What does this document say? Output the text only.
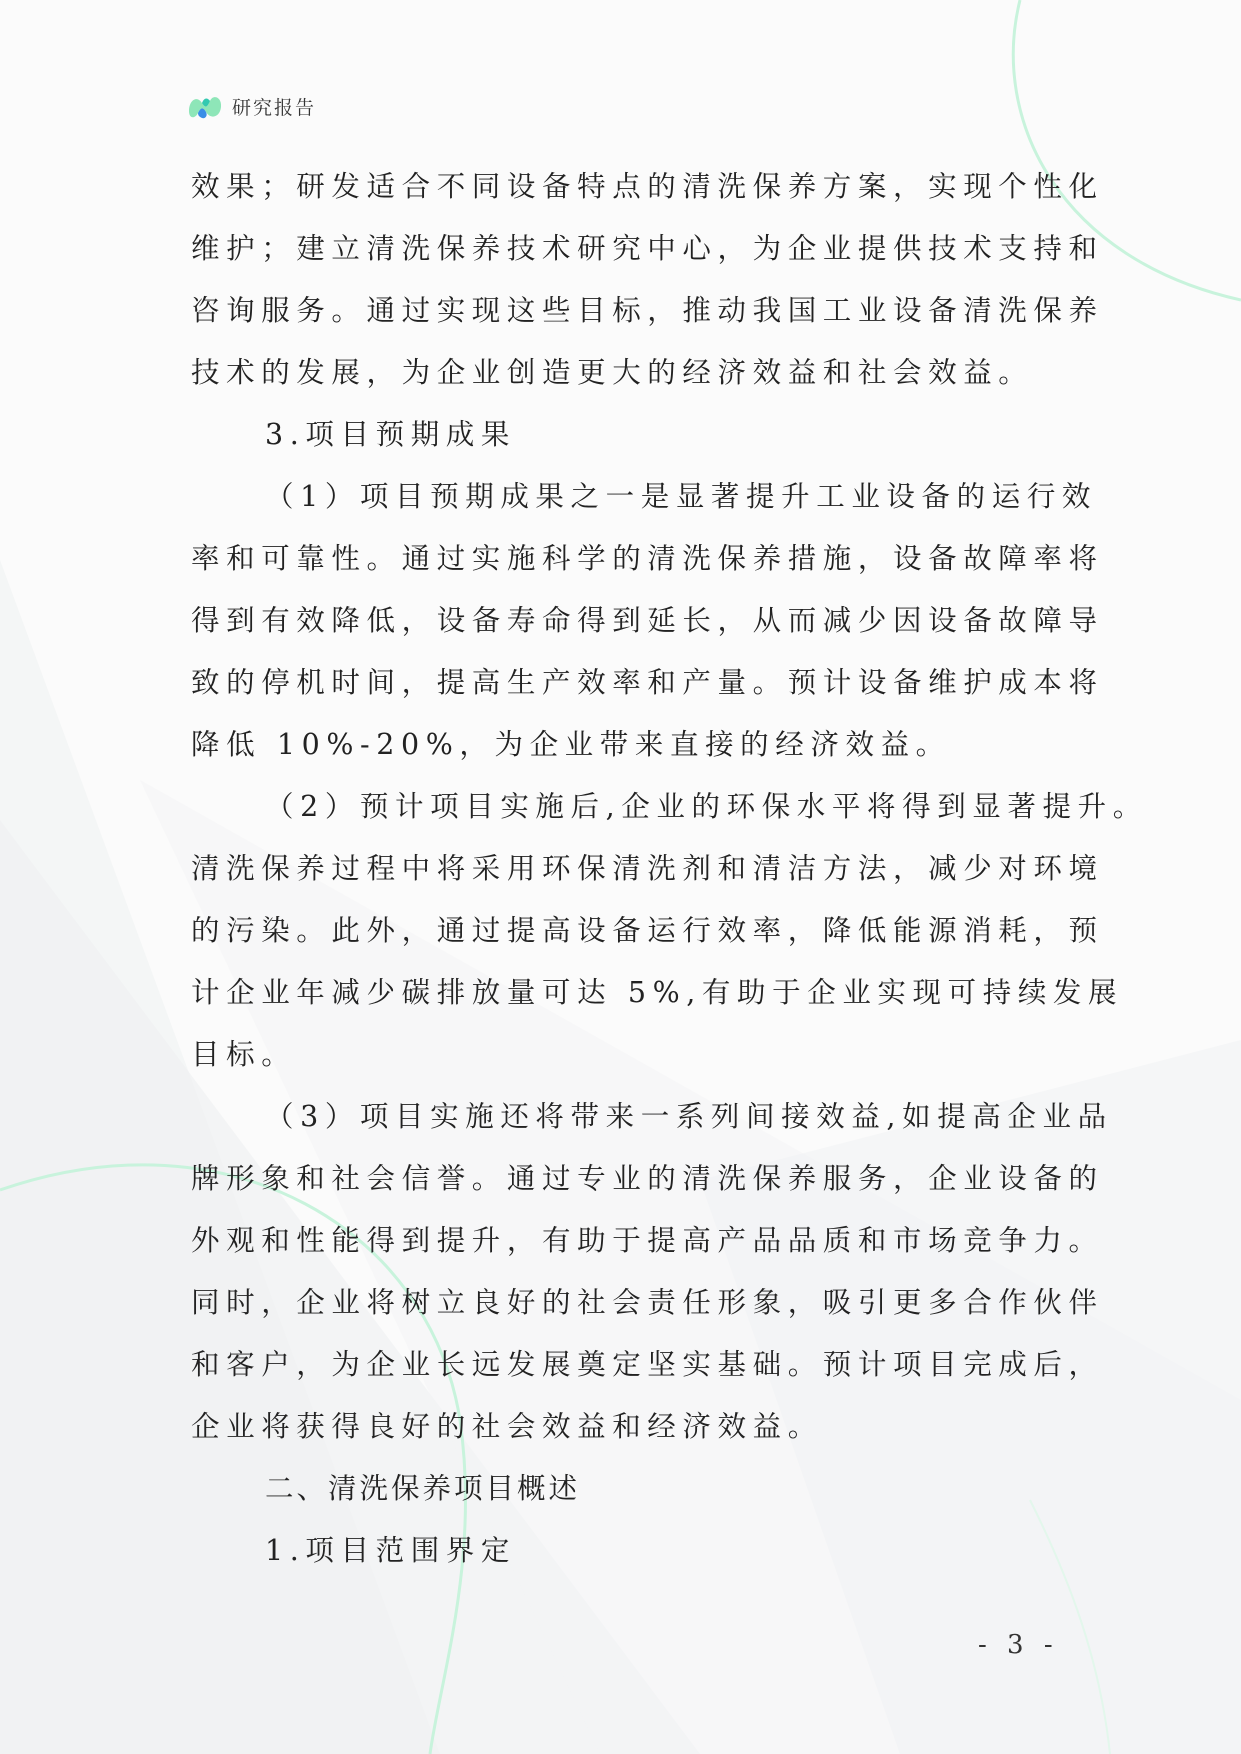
研究报告
效果；研发适合不同设备特点的清洗保养方案，实现个性化
维护；建立清洗保养技术研究中心，为企业提供技术支持和
咨询服务。通过实现这些目标，推动我国工业设备清洗保养
技术的发展，为企业创造更大的经济效益和社会效益。
3.项目预期成果
（1）项目预期成果之一是显著提升工业设备的运行效
率和可靠性。通过实施科学的清洗保养措施，设备故障率将
得到有效降低，设备寿命得到延长，从而减少因设备故障导
致的停机时间，提高生产效率和产量。预计设备维护成本将
降低 10%-20%，为企业带来直接的经济效益。
（2）预计项目实施后,企业的环保水平将得到显著提升。
清洗保养过程中将采用环保清洗剂和清洁方法，减少对环境
的污染。此外，通过提高设备运行效率，降低能源消耗，预
计企业年减少碳排放量可达 5%,有助于企业实现可持续发展
目标。
（3）项目实施还将带来一系列间接效益,如提高企业品
牌形象和社会信誉。通过专业的清洗保养服务，企业设备的
外观和性能得到提升，有助于提高产品品质和市场竞争力。
同时，企业将树立良好的社会责任形象，吸引更多合作伙伴
和客户，为企业长远发展奠定坚实基础。预计项目完成后，
企业将获得良好的社会效益和经济效益。
二、清洗保养项目概述
1.项目范围界定
- 3 -
